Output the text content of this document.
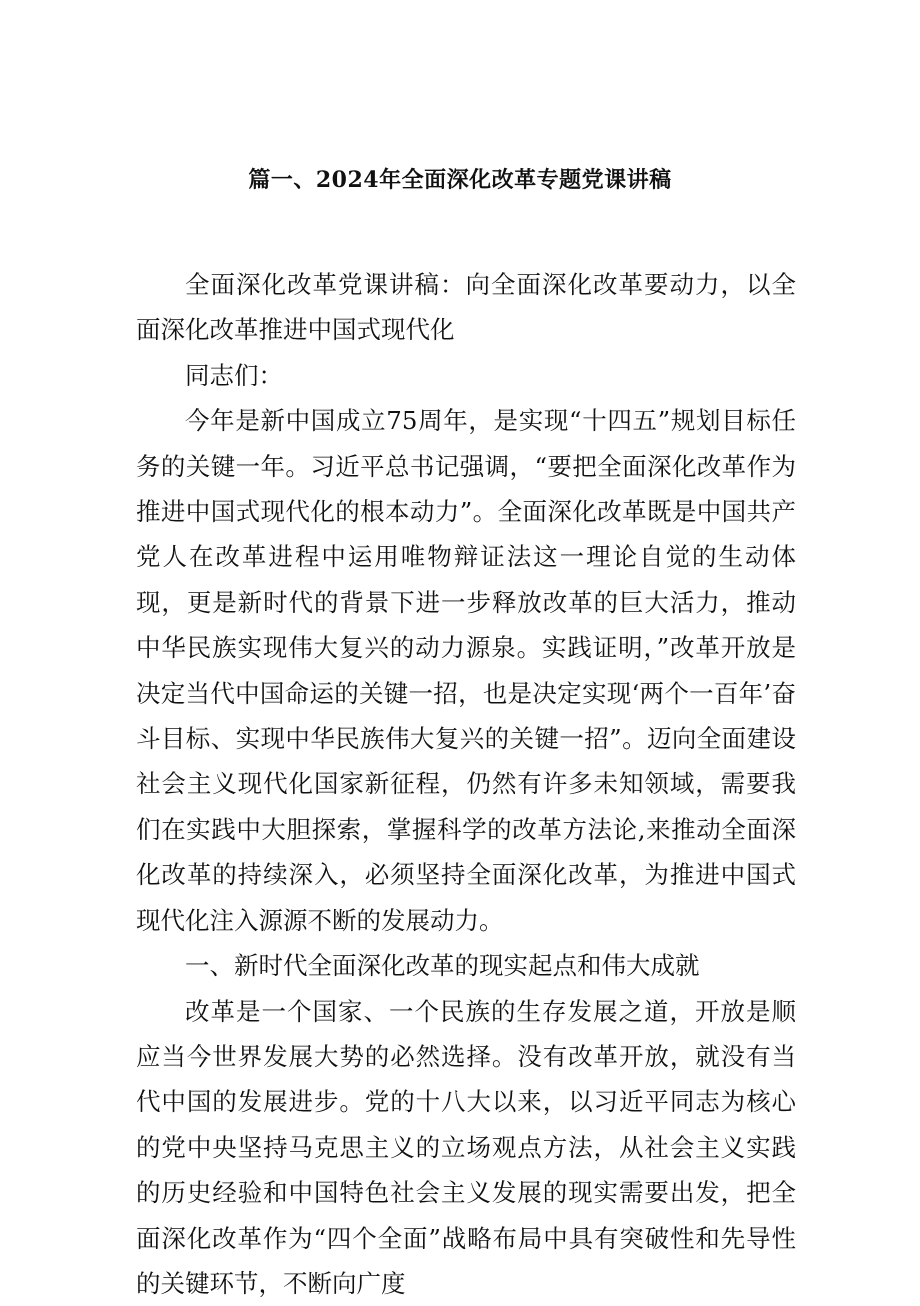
篇一、2024年全面深化改革专题党课讲稿

全面深化改革党课讲稿：向全面深化改革要动力，以全面深化改革推进中国式现代化

同志们：

今年是新中国成立75周年，是实现“十四五”规划目标任务的关键一年。习近平总书记强调，“要把全面深化改革作为推进中国式现代化的根本动力”。全面深化改革既是中国共产党人在改革进程中运用唯物辩证法这一理论自觉的生动体现，更是新时代的背景下进一步释放改革的巨大活力，推动中华民族实现伟大复兴的动力源泉。实践证明，”改革开放是决定当代中国命运的关键一招，也是决定实现‘两个一百年’奋斗目标、实现中华民族伟大复兴的关键一招”。迈向全面建设社会主义现代化国家新征程，仍然有许多未知领域，需要我们在实践中大胆探索，掌握科学的改革方法论,来推动全面深化改革的持续深入，必须坚持全面深化改革，为推进中国式现代化注入源源不断的发展动力。

一、新时代全面深化改革的现实起点和伟大成就

改革是一个国家、一个民族的生存发展之道，开放是顺应当今世界发展大势的必然选择。没有改革开放，就没有当代中国的发展进步。党的十八大以来，以习近平同志为核心的党中央坚持马克思主义的立场观点方法，从社会主义实践的历史经验和中国特色社会主义发展的现实需要出发，把全面深化改革作为“四个全面”战略布局中具有突破性和先导性的关键环节，不断向广度
